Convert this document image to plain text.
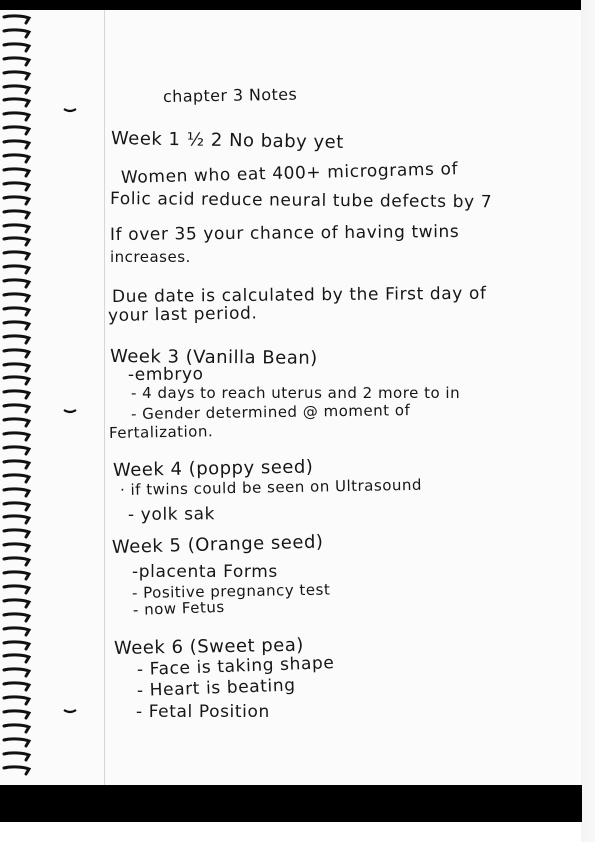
chapter 3 Notes
Week 1 ½ 2 No baby yet
Women who eat 400+ micrograms of
Folic acid reduce neural tube defects by 7
If over 35 your chance of having twins
increases.
Due date is calculated by the First day of
your last period.
Week 3 (Vanilla Bean)
-embryo
- 4 days to reach uterus and 2 more to in
- Gender determined @ moment of
Fertalization.
Week 4 (poppy seed)
· if twins could be seen on Ultrasound
- yolk sak
Week 5 (Orange seed)
-placenta Forms
- Positive pregnancy test
- now Fetus
Week 6 (Sweet pea)
- Face is taking shape
- Heart is beating
- Fetal Position
